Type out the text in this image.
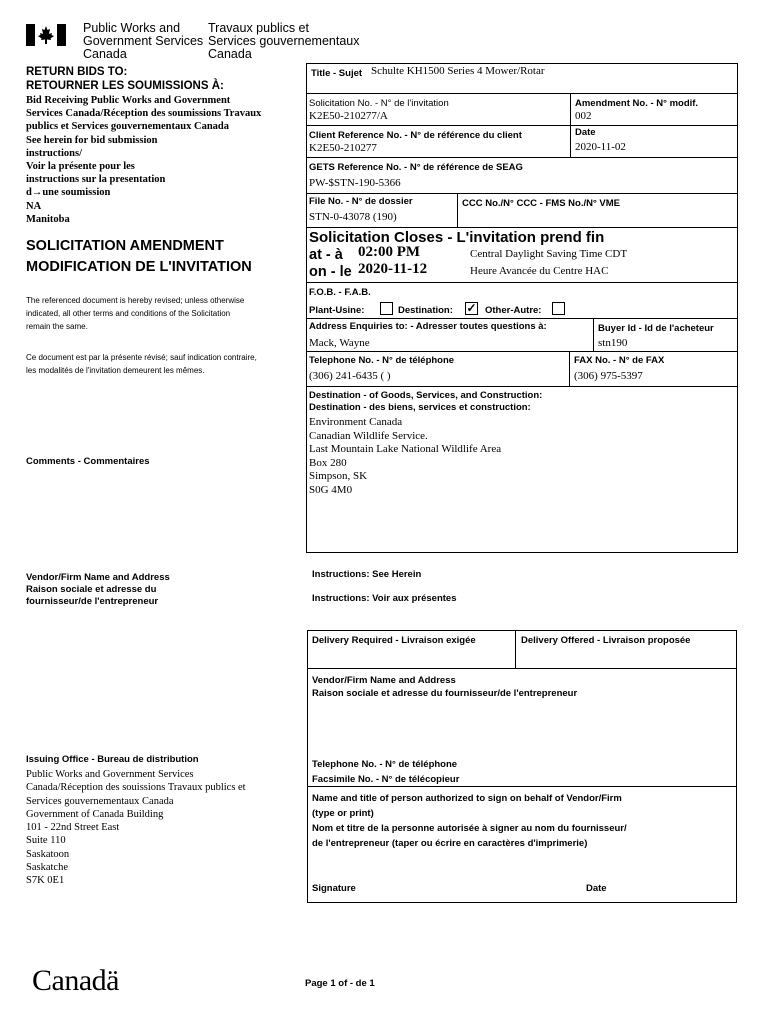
Public Works and
Government Services
Canada
Travaux publics et
Services gouvernementaux
Canada
RETURN BIDS TO:
RETOURNER LES SOUMISSIONS À:
Bid Receiving Public Works and Government
Services Canada/Réception des soumissions Travaux
publics et Services gouvernementaux Canada
See herein for bid submission
instructions/
Voir la présente pour les
instructions sur la presentation
d→une soumission
NA
Manitoba
SOLICITATION AMENDMENT
MODIFICATION DE L'INVITATION
The referenced document is hereby revised; unless otherwise
indicated, all other terms and conditions of the Solicitation
remain the same.
Ce document est par la présente révisé; sauf indication contraire,
les modalités de l'invitation demeurent les mêmes.
Comments - Commentaires
Vendor/Firm Name and Address
Raison sociale et adresse du
fournisseur/de l'entrepreneur
Issuing Office - Bureau de distribution
Public Works and Government Services
Canada/Réception des souissions Travaux publics et
Services gouvernementaux Canada
Government of Canada Building
101 - 22nd Street East
Suite 110
Saskatoon
Saskatche
S7K 0E1
Title - Sujet Schulte KH1500 Series 4 Mower/Rotar
Solicitation No. - N° de l'invitation
K2E50-210277/A
Amendment No. - N° modif.
002
Client Reference No. - N° de référence du client
K2E50-210277
Date
2020-11-02
GETS Reference No. - N° de référence de SEAG
PW-$STN-190-5366
File No. - N° de dossier
STN-0-43078 (190)
CCC No./N° CCC - FMS No./N° VME
Solicitation Closes - L'invitation prend fin
at - à 02:00 PM
on - le 2020-11-12
Central Daylight Saving Time CDT
Heure Avancée du Centre HAC
F.O.B. - F.A.B.
Plant-Usine:	Destination: ✓ Other-Autre:
Address Enquiries to: - Adresser toutes questions à:
Mack, Wayne
Buyer Id - Id de l'acheteur
stn190
Telephone No. - N° de téléphone
(306) 241-6435 ( )
FAX No. - N° de FAX
(306) 975-5397
Destination - of Goods, Services, and Construction:
Destination - des biens, services et construction:
Environment Canada
Canadian Wildlife Service.
Last Mountain Lake National Wildlife Area
Box 280
Simpson, SK
S0G 4M0
Instructions: See Herein
Instructions: Voir aux présentes
Delivery Required - Livraison exigée	Delivery Offered - Livraison proposée
Vendor/Firm Name and Address
Raison sociale et adresse du fournisseur/de l'entrepreneur
Telephone No. - N° de téléphone
Facsimile No. - N° de télécopieur
Name and title of person authorized to sign on behalf of Vendor/Firm
(type or print)
Nom et titre de la personne autorisée à signer au nom du fournisseur/
de l'entrepreneur (taper ou écrire en caractères d'imprimerie)
Signature	Date
Canadä	Page 1 of - de 1
